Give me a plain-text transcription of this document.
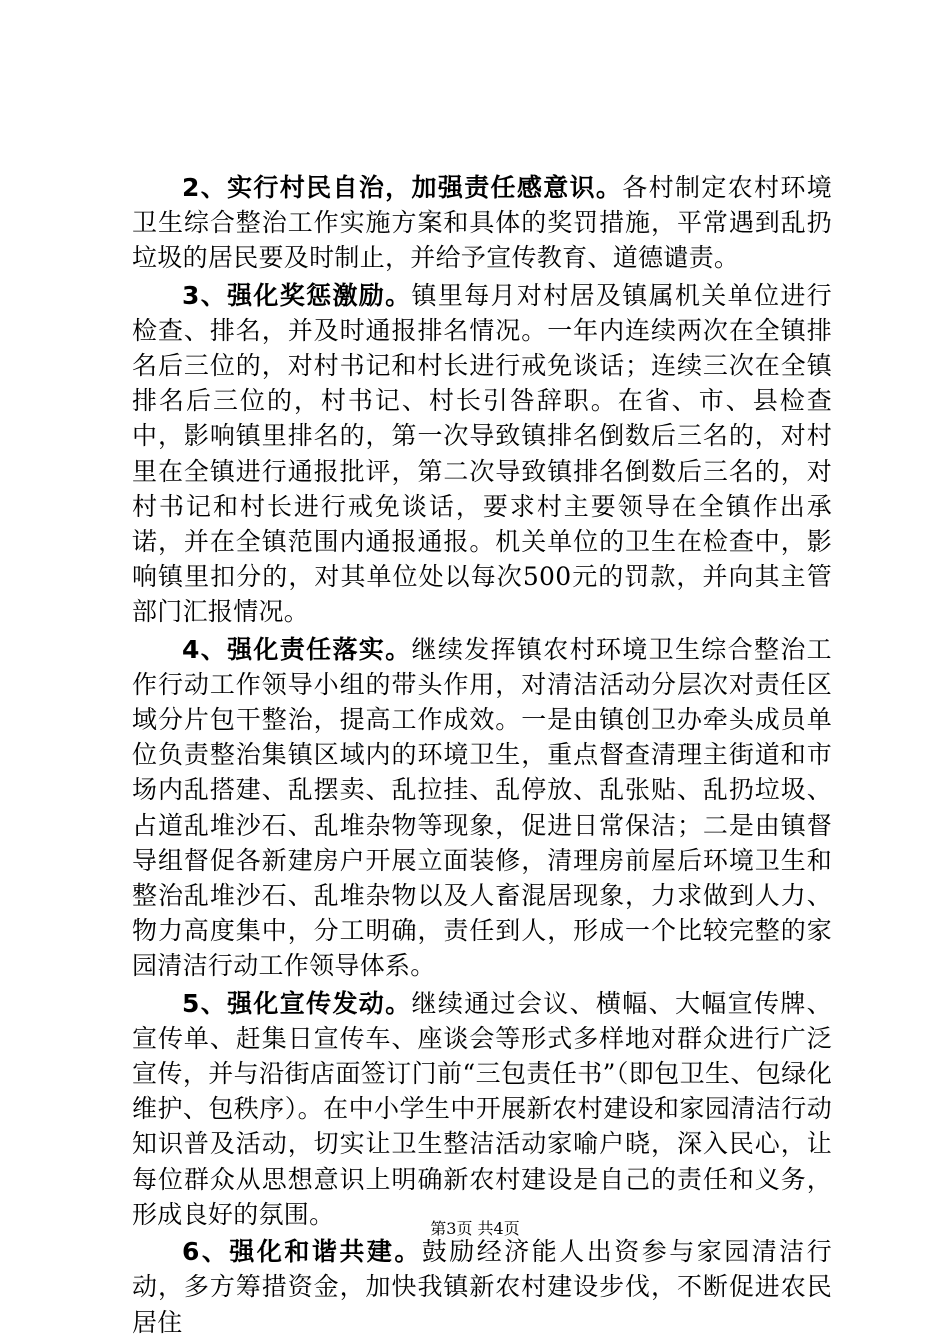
2、实行村民自治，加强责任感意识。各村制定农村环境卫生综合整治工作实施方案和具体的奖罚措施，平常遇到乱扔垃圾的居民要及时制止，并给予宣传教育、道德谴责。

3、强化奖惩激励。镇里每月对村居及镇属机关单位进行检查、排名，并及时通报排名情况。一年内连续两次在全镇排名后三位的，对村书记和村长进行戒免谈话；连续三次在全镇排名后三位的，村书记、村长引咎辞职。在省、市、县检查中，影响镇里排名的，第一次导致镇排名倒数后三名的，对村里在全镇进行通报批评，第二次导致镇排名倒数后三名的，对村书记和村长进行戒免谈话，要求村主要领导在全镇作出承诺，并在全镇范围内通报通报。机关单位的卫生在检查中，影响镇里扣分的，对其单位处以每次500元的罚款，并向其主管部门汇报情况。

4、强化责任落实。继续发挥镇农村环境卫生综合整治工作行动工作领导小组的带头作用，对清洁活动分层次对责任区域分片包干整治，提高工作成效。一是由镇创卫办牵头成员单位负责整治集镇区域内的环境卫生，重点督查清理主街道和市场内乱搭建、乱摆卖、乱拉挂、乱停放、乱张贴、乱扔垃圾、占道乱堆沙石、乱堆杂物等现象，促进日常保洁；二是由镇督导组督促各新建房户开展立面装修，清理房前屋后环境卫生和整治乱堆沙石、乱堆杂物以及人畜混居现象，力求做到人力、物力高度集中，分工明确，责任到人，形成一个比较完整的家园清洁行动工作领导体系。

5、强化宣传发动。继续通过会议、横幅、大幅宣传牌、宣传单、赶集日宣传车、座谈会等形式多样地对群众进行广泛宣传，并与沿街店面签订门前“三包责任书”（即包卫生、包绿化维护、包秩序）。在中小学生中开展新农村建设和家园清洁行动知识普及活动，切实让卫生整洁活动家喻户晓，深入民心，让每位群众从思想意识上明确新农村建设是自己的责任和义务，形成良好的氛围。

6、强化和谐共建。鼓励经济能人出资参与家园清洁行动，多方筹措资金，加快我镇新农村建设步伐，不断促进农民居住

第3页 共4页
